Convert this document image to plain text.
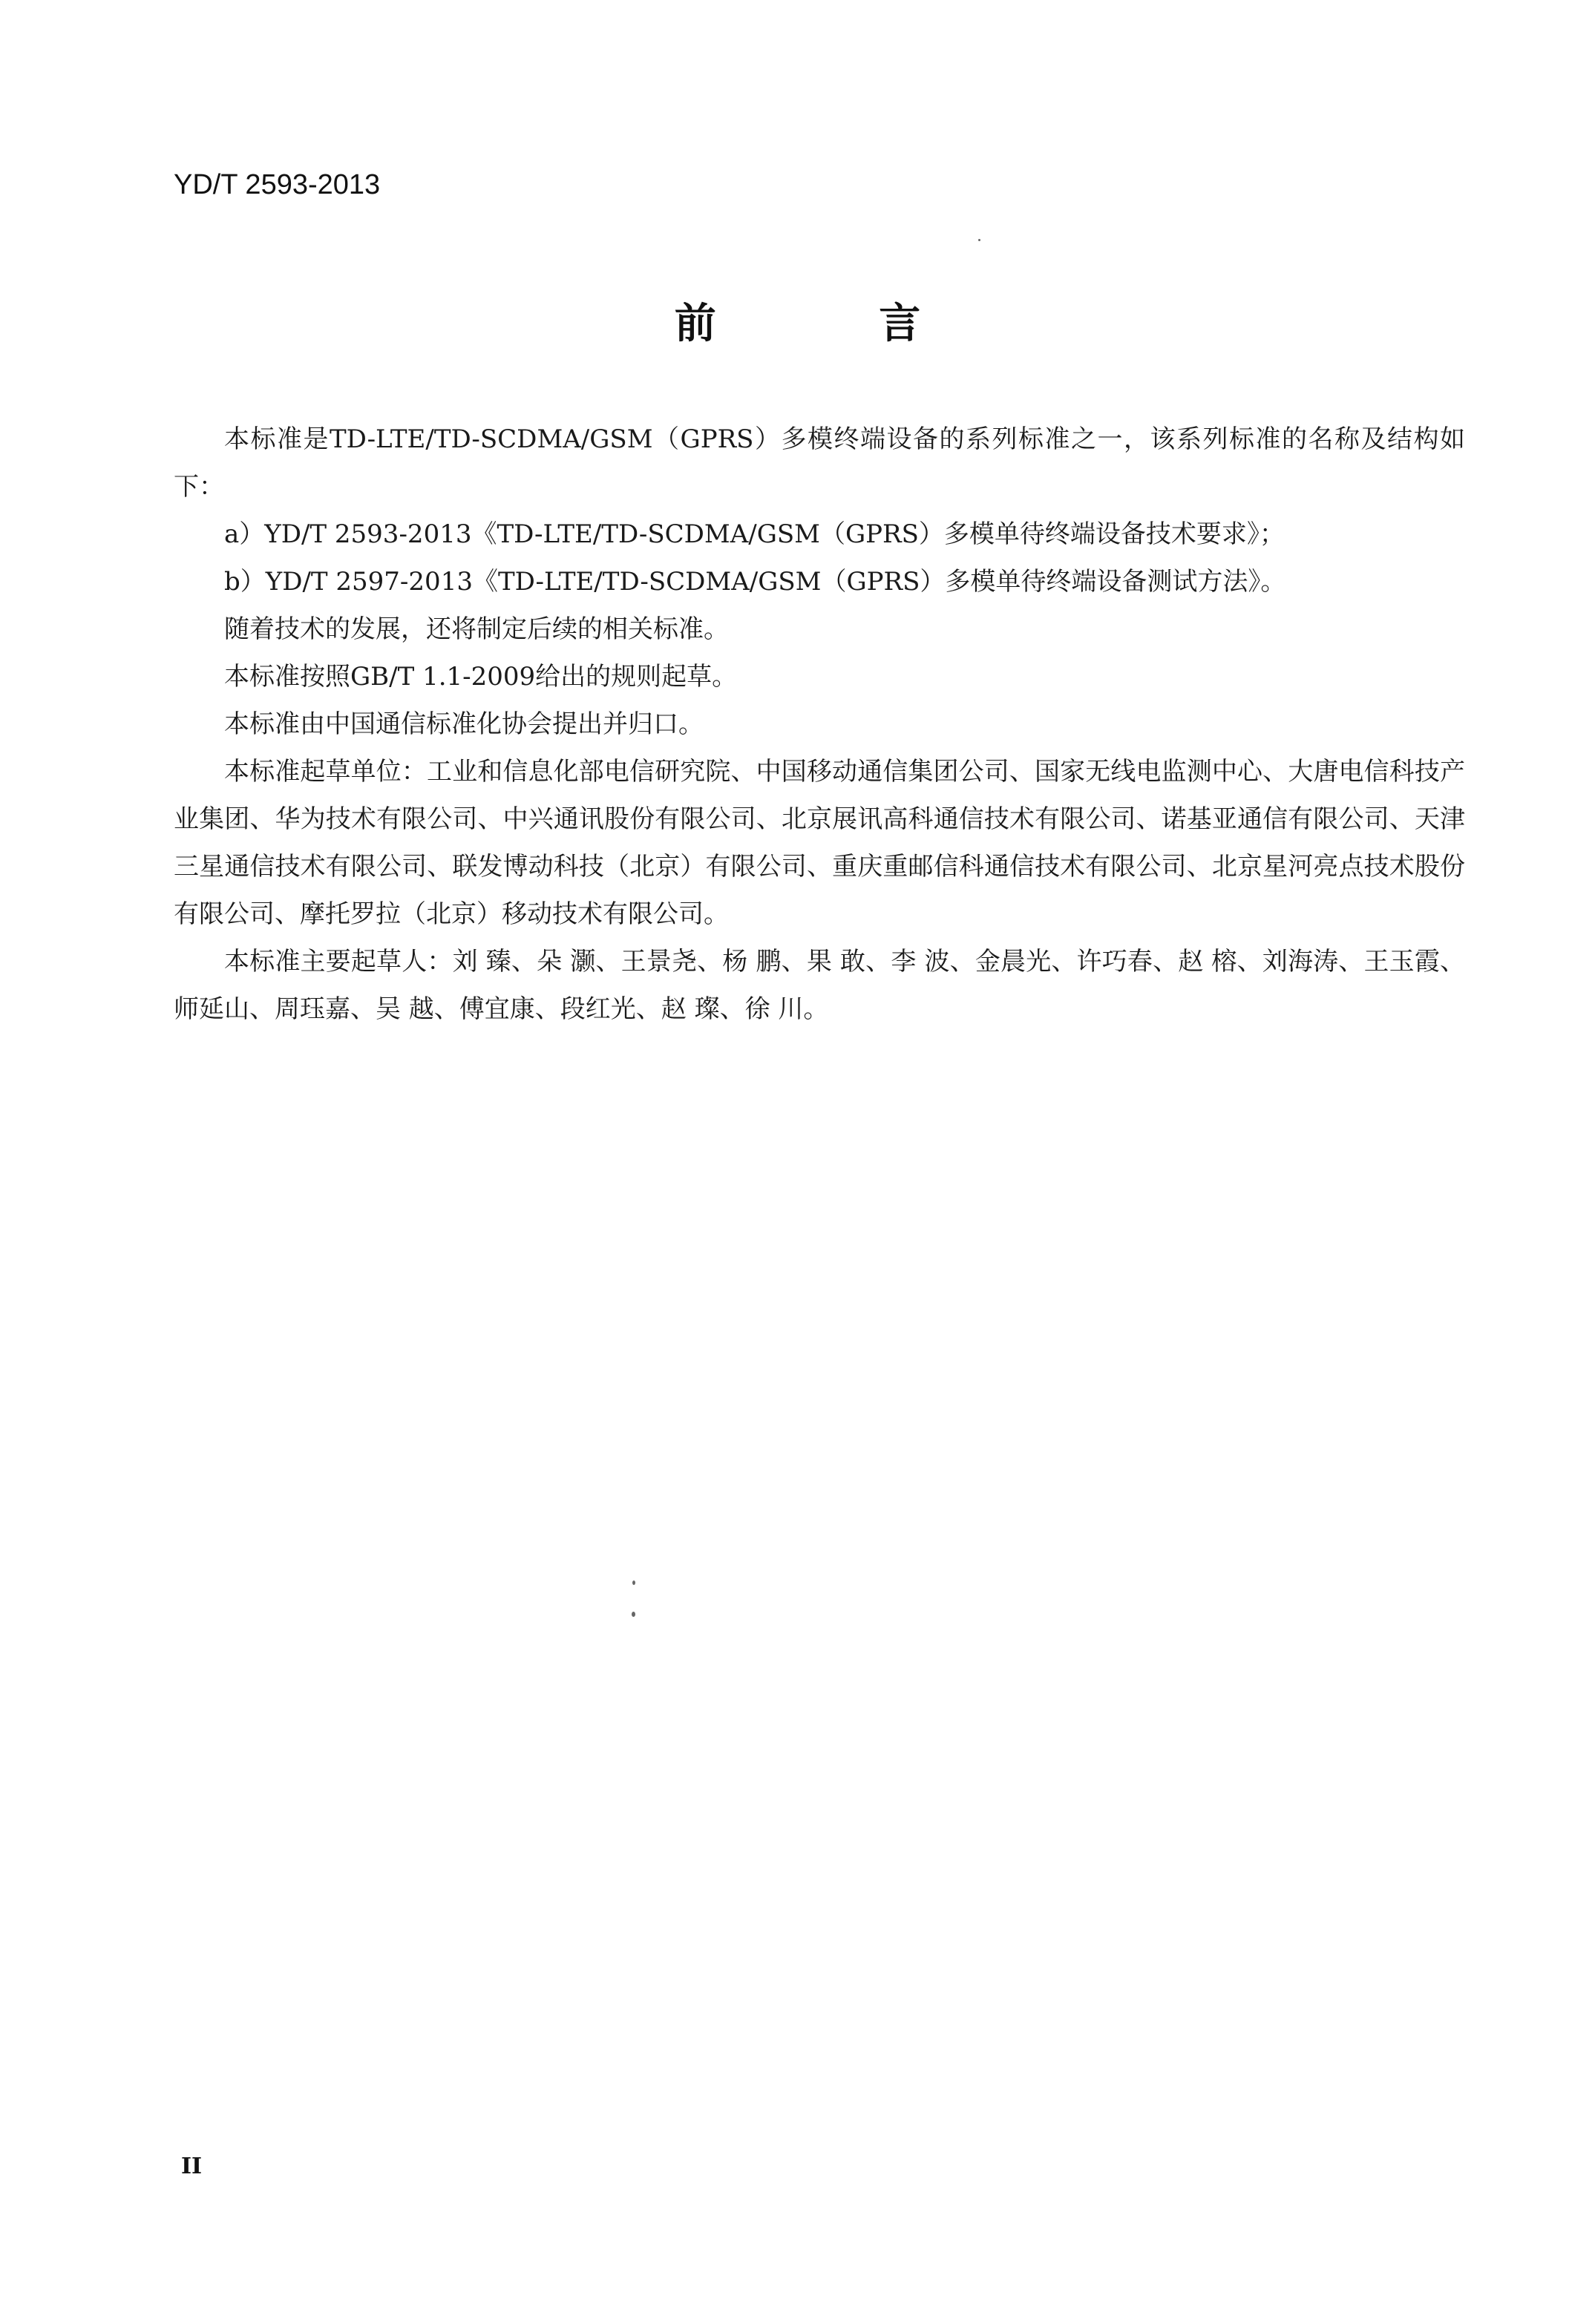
YD/T 2593-2013
前 言

本标准是TD-LTE/TD-SCDMA/GSM（GPRS）多模终端设备的系列标准之一，该系列标准的名称及结构如下：

a）YD/T 2593-2013《TD-LTE/TD-SCDMA/GSM（GPRS）多模单待终端设备技术要求》；

b）YD/T 2597-2013《TD-LTE/TD-SCDMA/GSM（GPRS）多模单待终端设备测试方法》。

随着技术的发展，还将制定后续的相关标准。

本标准按照GB/T 1.1-2009给出的规则起草。

本标准由中国通信标准化协会提出并归口。

本标准起草单位：工业和信息化部电信研究院、中国移动通信集团公司、国家无线电监测中心、大唐电信科技产业集团、华为技术有限公司、中兴通讯股份有限公司、北京展讯高科通信技术有限公司、诺基亚通信有限公司、天津三星通信技术有限公司、联发博动科技（北京）有限公司、重庆重邮信科通信技术有限公司、北京星河亮点技术股份有限公司、摩托罗拉（北京）移动技术有限公司。

本标准主要起草人：刘 臻、朵 灏、王景尧、杨 鹏、果 敢、李 波、金晨光、许巧春、赵 榕、刘海涛、王玉霞、师延山、周珏嘉、吴 越、傅宜康、段红光、赵 璨、徐 川。

II
